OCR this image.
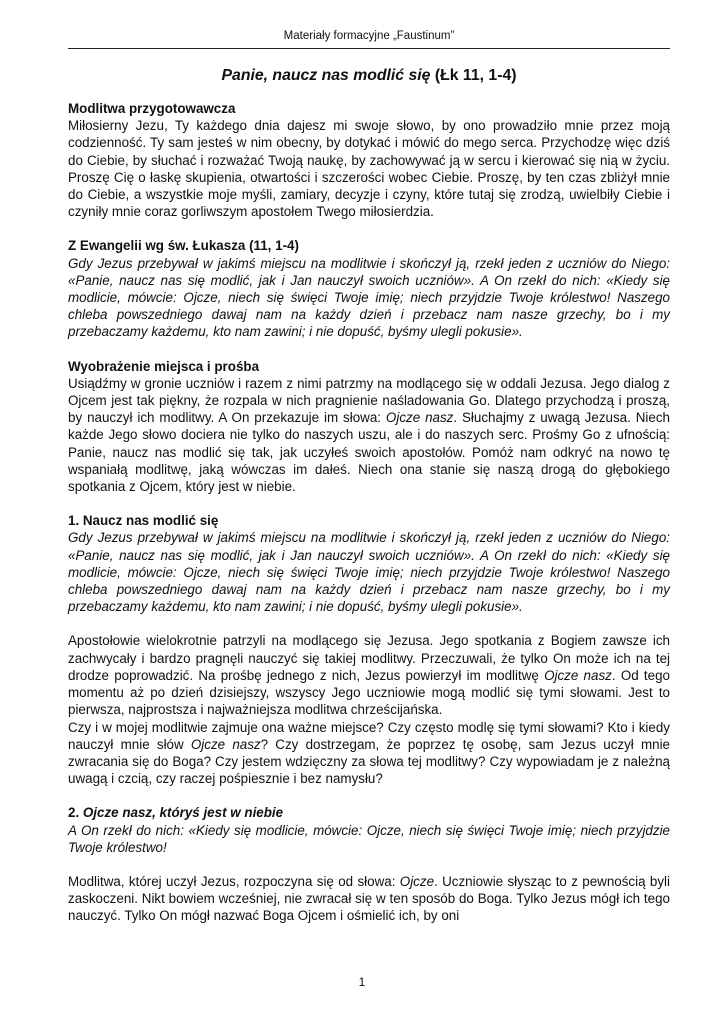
Materiały formacyjne „Faustinum”
Panie, naucz nas modlić się (Łk 11, 1-4)
Modlitwa przygotowawcza

Miłosierny Jezu, Ty każdego dnia dajesz mi swoje słowo, by ono prowadziło mnie przez moją codzienność. Ty sam jesteś w nim obecny, by dotykać i mówić do mego serca. Przychodzę więc dziś do Ciebie, by słuchać i rozważać Twoją naukę, by zachowywać ją w sercu i kierować się nią w życiu. Proszę Cię o łaskę skupienia, otwartości i szczerości wobec Ciebie. Proszę, by ten czas zbliżył mnie do Ciebie, a wszystkie moje myśli, zamiary, decyzje i czyny, które tutaj się zrodzą, uwielbiły Ciebie i czyniły mnie coraz gorliwszym apostołem Twego miłosierdzia.

Z Ewangelii wg św. Łukasza (11, 1-4)

Gdy Jezus przebywał w jakimś miejscu na modlitwie i skończył ją, rzekł jeden z uczniów do Niego: «Panie, naucz nas się modlić, jak i Jan nauczył swoich uczniów». A On rzekł do nich: «Kiedy się modlicie, mówcie: Ojcze, niech się święci Twoje imię; niech przyjdzie Twoje królestwo! Naszego chleba powszedniego dawaj nam na każdy dzień i przebacz nam nasze grzechy, bo i my przebaczamy każdemu, kto nam zawini; i nie dopuść, byśmy ulegli pokusie».

Wyobrażenie miejsca i prośba

Usiądźmy w gronie uczniów i razem z nimi patrzmy na modlącego się w oddali Jezusa. Jego dialog z Ojcem jest tak piękny, że rozpala w nich pragnienie naśladowania Go. Dlatego przychodzą i proszą, by nauczył ich modlitwy. A On przekazuje im słowa: Ojcze nasz. Słuchajmy z uwagą Jezusa. Niech każde Jego słowo dociera nie tylko do naszych uszu, ale i do naszych serc. Prośmy Go z ufnością: Panie, naucz nas modlić się tak, jak uczyłeś swoich apostołów. Pomóż nam odkryć na nowo tę wspaniałą modlitwę, jaką wówczas im dałeś. Niech ona stanie się naszą drogą do głębokiego spotkania z Ojcem, który jest w niebie.

1. Naucz nas modlić się

Gdy Jezus przebywał w jakimś miejscu na modlitwie i skończył ją, rzekł jeden z uczniów do Niego: «Panie, naucz nas się modlić, jak i Jan nauczył swoich uczniów». A On rzekł do nich: «Kiedy się modlicie, mówcie: Ojcze, niech się święci Twoje imię; niech przyjdzie Twoje królestwo! Naszego chleba powszedniego dawaj nam na każdy dzień i przebacz nam nasze grzechy, bo i my przebaczamy każdemu, kto nam zawini; i nie dopuść, byśmy ulegli pokusie».

Apostołowie wielokrotnie patrzyli na modlącego się Jezusa. Jego spotkania z Bogiem zawsze ich zachwycały i bardzo pragnęli nauczyć się takiej modlitwy. Przeczuwali, że tylko On może ich na tej drodze poprowadzić. Na prośbę jednego z nich, Jezus powierzył im modlitwę Ojcze nasz. Od tego momentu aż po dzień dzisiejszy, wszyscy Jego uczniowie mogą modlić się tymi słowami. Jest to pierwsza, najprostsza i najważniejsza modlitwa chrześcijańska.

Czy i w mojej modlitwie zajmuje ona ważne miejsce? Czy często modlę się tymi słowami? Kto i kiedy nauczył mnie słów Ojcze nasz? Czy dostrzegam, że poprzez tę osobę, sam Jezus uczył mnie zwracania się do Boga? Czy jestem wdzięczny za słowa tej modlitwy? Czy wypowiadam je z należną uwagą i czcią, czy raczej pośpiesznie i bez namysłu?

2. Ojcze nasz, któryś jest w niebie

A On rzekł do nich: «Kiedy się modlicie, mówcie: Ojcze, niech się święci Twoje imię; niech przyjdzie Twoje królestwo!

Modlitwa, której uczył Jezus, rozpoczyna się od słowa: Ojcze. Uczniowie słysząc to z pewnością byli zaskoczeni. Nikt bowiem wcześniej, nie zwracał się w ten sposób do Boga. Tylko Jezus mógł ich tego nauczyć. Tylko On mógł nazwać Boga Ojcem i ośmielić ich, by oni

1
